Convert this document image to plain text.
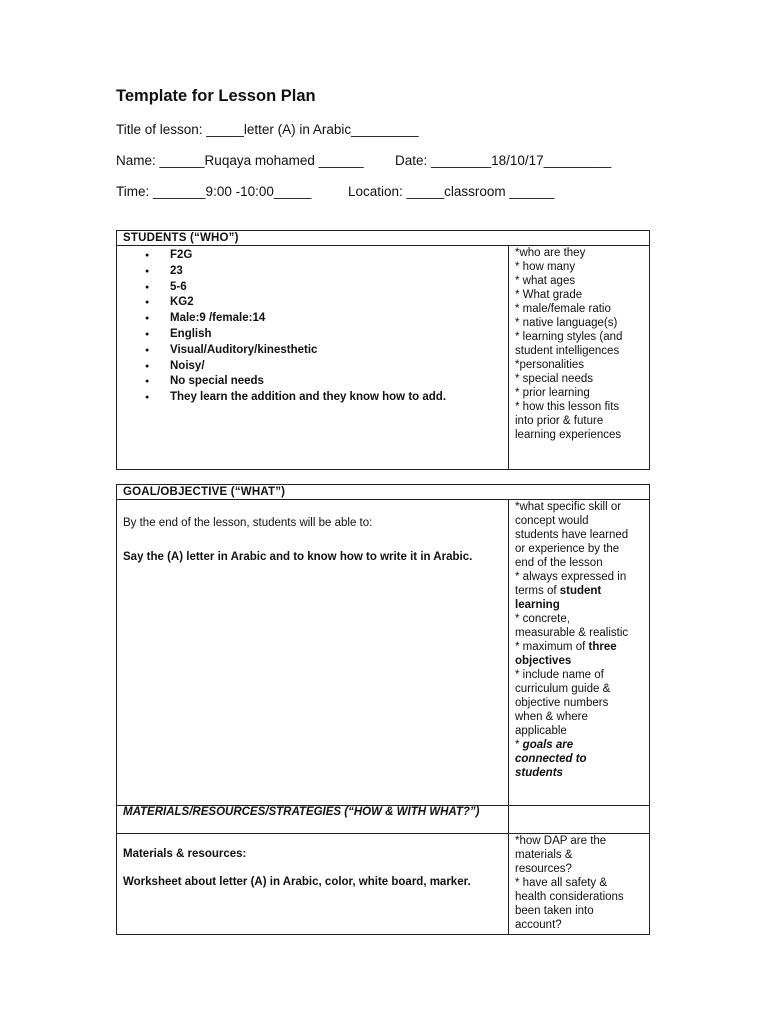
Template for Lesson Plan
Title of lesson: _____letter (A) in Arabic_________
Name: ______Ruqaya mohamed ______ Date: ________18/10/17_________
Time: _______9:00 -10:00_____	Location: _____classroom ______
STUDENTS (“WHO”)
● F2G
● 23
● 5-6
● KG2
● Male:9 /female:14
● English
● Visual/Auditory/kinesthetic
● Noisy/
● No special needs
● They learn the addition and they know how to add.
*who are they
* how many
* what ages
* What grade
* male/female ratio
* native language(s)
* learning styles (and
student intelligences
*personalities
* special needs
* prior learning
* how this lesson fits
into prior & future
learning experiences
GOAL/OBJECTIVE (“WHAT”)
By the end of the lesson, students will be able to:
Say the (A) letter in Arabic and to know how to write it in Arabic.
*what specific skill or
concept would
students have learned
or experience by the
end of the lesson
* always expressed in
terms of student
learning
* concrete,
measurable & realistic
* maximum of three
objectives
* include name of
curriculum guide &
objective numbers
when & where
applicable
* goals are
connected to
students
MATERIALS/RESOURCES/STRATEGIES (“HOW & WITH WHAT?”)
Materials & resources:
Worksheet about letter (A) in Arabic, color, white board, marker.
*how DAP are the
materials &
resources?
* have all safety &
health considerations
been taken into
account?
